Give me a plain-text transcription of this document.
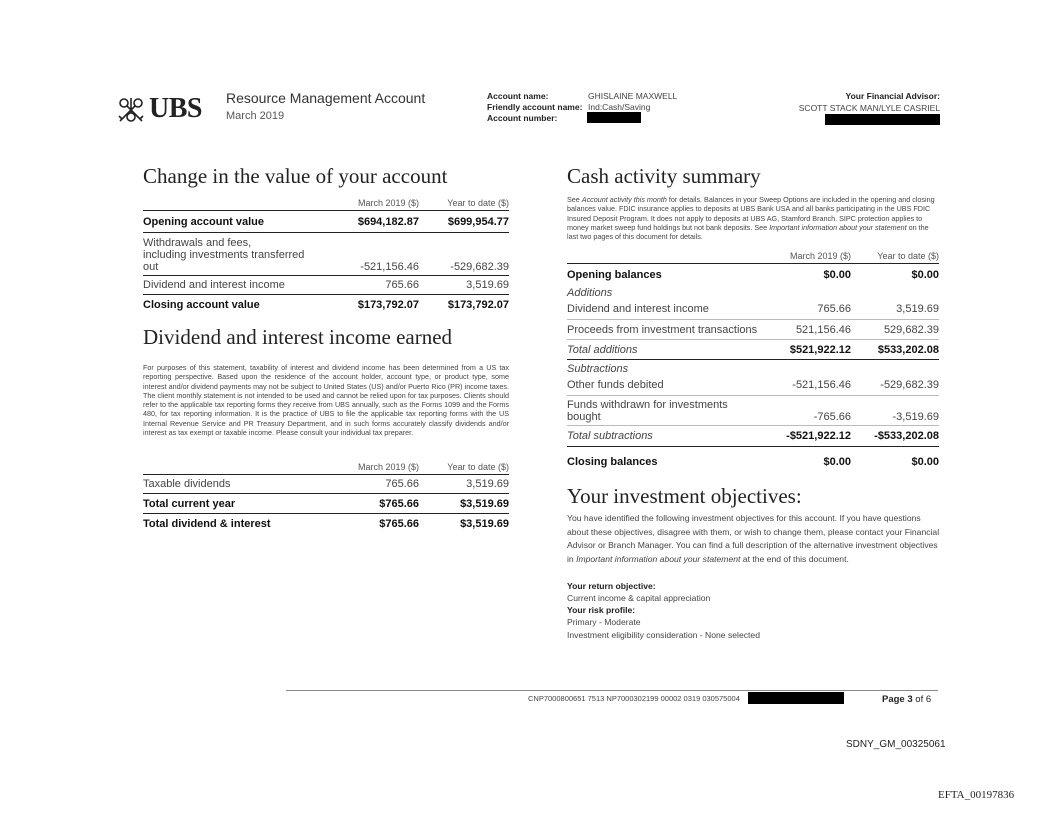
UBS Resource Management Account
March 2019
Account name:	GHISLAINE MAXWELL
Friendly account name: Ind:Cash/Saving
Account number:
Your Financial Advisor:
SCOTT STACK MAN/LYLE CASRIEL
Change in the value of your account
	March 2019 ($)	Year to date ($)
Opening account value	$694,182.87	$699,954.77
Withdrawals and fees,
including investments transferred
out	-521,156.46	-529,682.39
Dividend and interest income	765.66	3,519.69
Closing account value	$173,792.07	$173,792.07
Dividend and interest income earned
For purposes of this statement, taxability of interest and dividend income has been determined from a US tax reporting perspective. Based upon the residence of the account holder, account type, or product type, some interest and/or dividend payments may not be subject to United States (US) and/or Puerto Rico (PR) income taxes. The client monthly statement is not intended to be used and cannot be relied upon for tax purposes. Clients should refer to the applicable tax reporting forms they receive from UBS annually, such as the Forms 1099 and the Forms 480, for tax reporting information. It is the practice of UBS to file the applicable tax reporting forms with the US Internal Revenue Service and PR Treasury Department, and in such forms accurately classify dividends and/or interest as tax exempt or taxable income. Please consult your individual tax preparer.
	March 2019 ($)	Year to date ($)
Taxable dividends	765.66	3,519.69
Total current year	$765.66	$3,519.69
Total dividend & interest	$765.66	$3,519.69
Cash activity summary
See Account activity this month for details. Balances in your Sweep Options are included in the opening and closing balances value. FDIC insurance applies to deposits at UBS Bank USA and all banks participating in the UBS FDIC Insured Deposit Program. It does not apply to deposits at UBS AG, Stamford Branch. SIPC protection applies to money market sweep fund holdings but not bank deposits. See Important information about your statement on the last two pages of this document for details.
	March 2019 ($)	Year to date ($)
Opening balances	$0.00	$0.00
Additions		
Dividend and interest income	765.66	3,519.69
Proceeds from investment transactions	521,156.46	529,682.39
Total additions	$521,922.12	$533,202.08
Subtractions		
Other funds debited	-521,156.46	-529,682.39
Funds withdrawn for investments
bought	-765.66	-3,519.69
Total subtractions	-$521,922.12	-$533,202.08
Closing balances	$0.00	$0.00
Your investment objectives:
You have identified the following investment objectives for this account. If you have questions about these objectives, disagree with them, or wish to change them, please contact your Financial Advisor or Branch Manager. You can find a full description of the alternative investment objectives in Important information about your statement at the end of this document.
Your return objective:
Current income & capital appreciation
Your risk profile:
Primary - Moderate
Investment eligibility consideration - None selected
CNP7000800651 7513 NP7000302199 00002 0319 030575004	Page 3 of 6
SDNY_GM_00325061
EFTA_00197836
